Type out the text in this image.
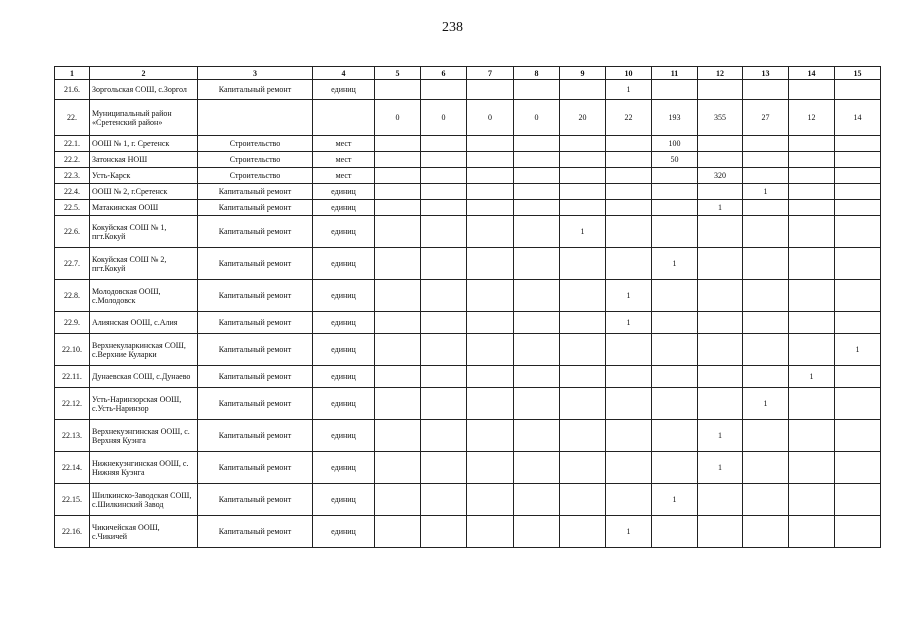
238
1	2	3	4	5	6	7	8	9	10	11	12	13	14	15
21.6.	Зоргольская СОШ, с.Зоргол	Капитальный ремонт	единиц						1					
22.	Муниципальный район «Сретенский район»			0	0	0	0	20	22	193	355	27	12	14
22.1.	ООШ № 1, г. Сретенск	Строительство	мест							100				
22.2.	Затонская НОШ	Строительство	мест							50				
22.3.	Усть-Карск	Строительство	мест								320			
22.4.	ООШ № 2, г.Сретенск	Капитальный ремонт	единиц									1		
22.5.	Матакинская ООШ	Капитальный ремонт	единиц								1			
22.6.	Кокуйская СОШ № 1, пгт.Кокуй	Капитальный ремонт	единиц					1						
22.7.	Кокуйская СОШ № 2, пгт.Кокуй	Капитальный ремонт	единиц							1				
22.8.	Молодовская ООШ, с.Молодовск	Капитальный ремонт	единиц						1					
22.9.	Алиянская ООШ, с.Алия	Капитальный ремонт	единиц						1					
22.10.	Верхнекуларкинская СОШ, с.Верхние Куларки	Капитальный ремонт	единиц											1
22.11.	Дунаевская СОШ, с.Дунаево	Капитальный ремонт	единиц										1	
22.12.	Усть-Наринзорская ООШ, с.Усть-Наринзор	Капитальный ремонт	единиц									1		
22.13.	Верхнекуэнгинская ООШ, с. Верхняя Куэнга	Капитальный ремонт	единиц								1			
22.14.	Нижнекуэнгинская ООШ, с. Нижняя Куэнга	Капитальный ремонт	единиц								1			
22.15.	Шилкинско-Заводская СОШ, с.Шилкинский Завод	Капитальный ремонт	единиц							1				
22.16.	Чикичейская ООШ, с.Чикичей	Капитальный ремонт	единиц						1					
